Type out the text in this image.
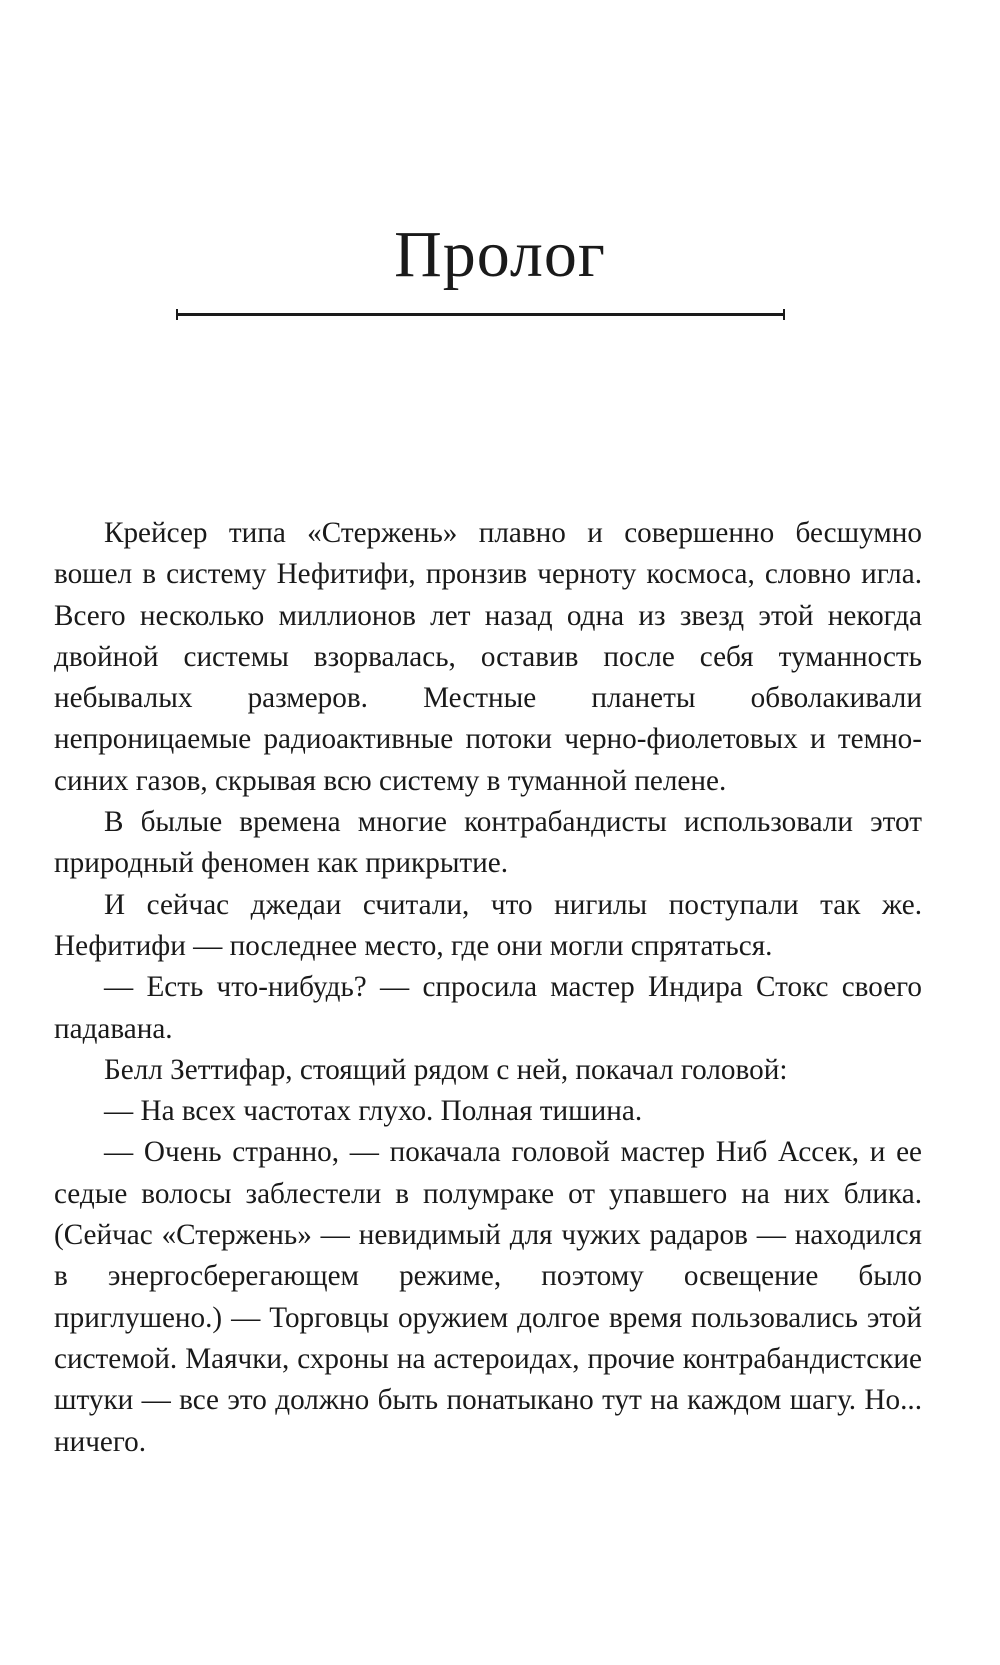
Пролог

Крейсер типа «Стержень» плавно и совершенно бесшумно вошел в систему Нефитифи, пронзив черноту космоса, словно игла. Всего несколько миллионов лет назад одна из звезд этой некогда двойной системы взорвалась, оставив после себя туманность небывалых размеров. Местные планеты обволакивали непроницаемые радиоактивные потоки черно-фиолетовых и темно-синих газов, скрывая всю систему в туманной пелене.

В былые времена многие контрабандисты использовали этот природный феномен как прикрытие.

И сейчас джедаи считали, что нигилы поступали так же. Нефитифи — последнее место, где они могли спрятаться.

— Есть что-нибудь? — спросила мастер Индира Стокс своего падавана.

Белл Зеттифар, стоящий рядом с ней, покачал головой:

— На всех частотах глухо. Полная тишина.

— Очень странно, — покачала головой мастер Ниб Ассек, и ее седые волосы заблестели в полумраке от упавшего на них блика. (Сейчас «Стержень» — невидимый для чужих радаров — находился в энергосберегающем режиме, поэтому освещение было приглушено.) — Торговцы оружием долгое время пользовались этой системой. Маячки, схроны на астероидах, прочие контрабандистские штуки — все это должно быть понатыкано тут на каждом шагу. Но... ничего.
